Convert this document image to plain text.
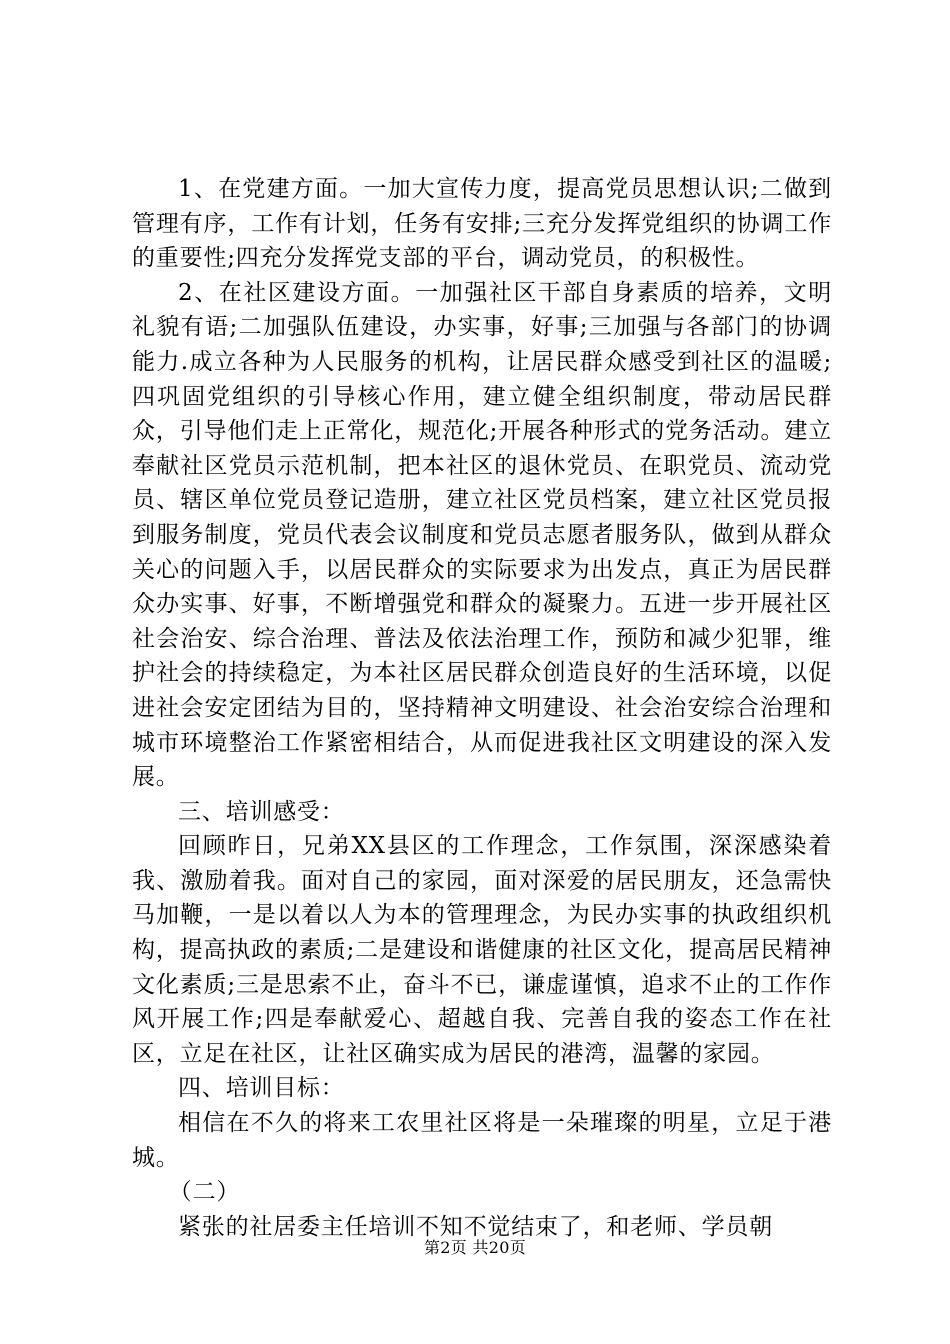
1、在党建方面。一加大宣传力度，提高党员思想认识;二做到管理有序，工作有计划，任务有安排;三充分发挥党组织的协调工作的重要性;四充分发挥党支部的平台，调动党员，的积极性。

2、在社区建设方面。一加强社区干部自身素质的培养，文明礼貌有语;二加强队伍建设，办实事，好事;三加强与各部门的协调能力.成立各种为人民服务的机构，让居民群众感受到社区的温暖;四巩固党组织的引导核心作用，建立健全组织制度，带动居民群众，引导他们走上正常化，规范化;开展各种形式的党务活动。建立奉献社区党员示范机制，把本社区的退休党员、在职党员、流动党员、辖区单位党员登记造册，建立社区党员档案，建立社区党员报到服务制度，党员代表会议制度和党员志愿者服务队，做到从群众关心的问题入手，以居民群众的实际要求为出发点，真正为居民群众办实事、好事，不断增强党和群众的凝聚力。五进一步开展社区社会治安、综合治理、普法及依法治理工作，预防和减少犯罪，维护社会的持续稳定，为本社区居民群众创造良好的生活环境，以促进社会安定团结为目的，坚持精神文明建设、社会治安综合治理和城市环境整治工作紧密相结合，从而促进我社区文明建设的深入发展。

三、培训感受：

回顾昨日，兄弟XX县区的工作理念，工作氛围，深深感染着我、激励着我。面对自己的家园，面对深爱的居民朋友，还急需快马加鞭，一是以着以人为本的管理理念，为民办实事的执政组织机构，提高执政的素质;二是建设和谐健康的社区文化，提高居民精神文化素质;三是思索不止，奋斗不已，谦虚谨慎，追求不止的工作作风开展工作;四是奉献爱心、超越自我、完善自我的姿态工作在社区，立足在社区，让社区确实成为居民的港湾，温馨的家园。

四、培训目标：

相信在不久的将来工农里社区将是一朵璀璨的明星，立足于港城。

（二）

紧张的社居委主任培训不知不觉结束了，和老师、学员朝

第2页 共20页
